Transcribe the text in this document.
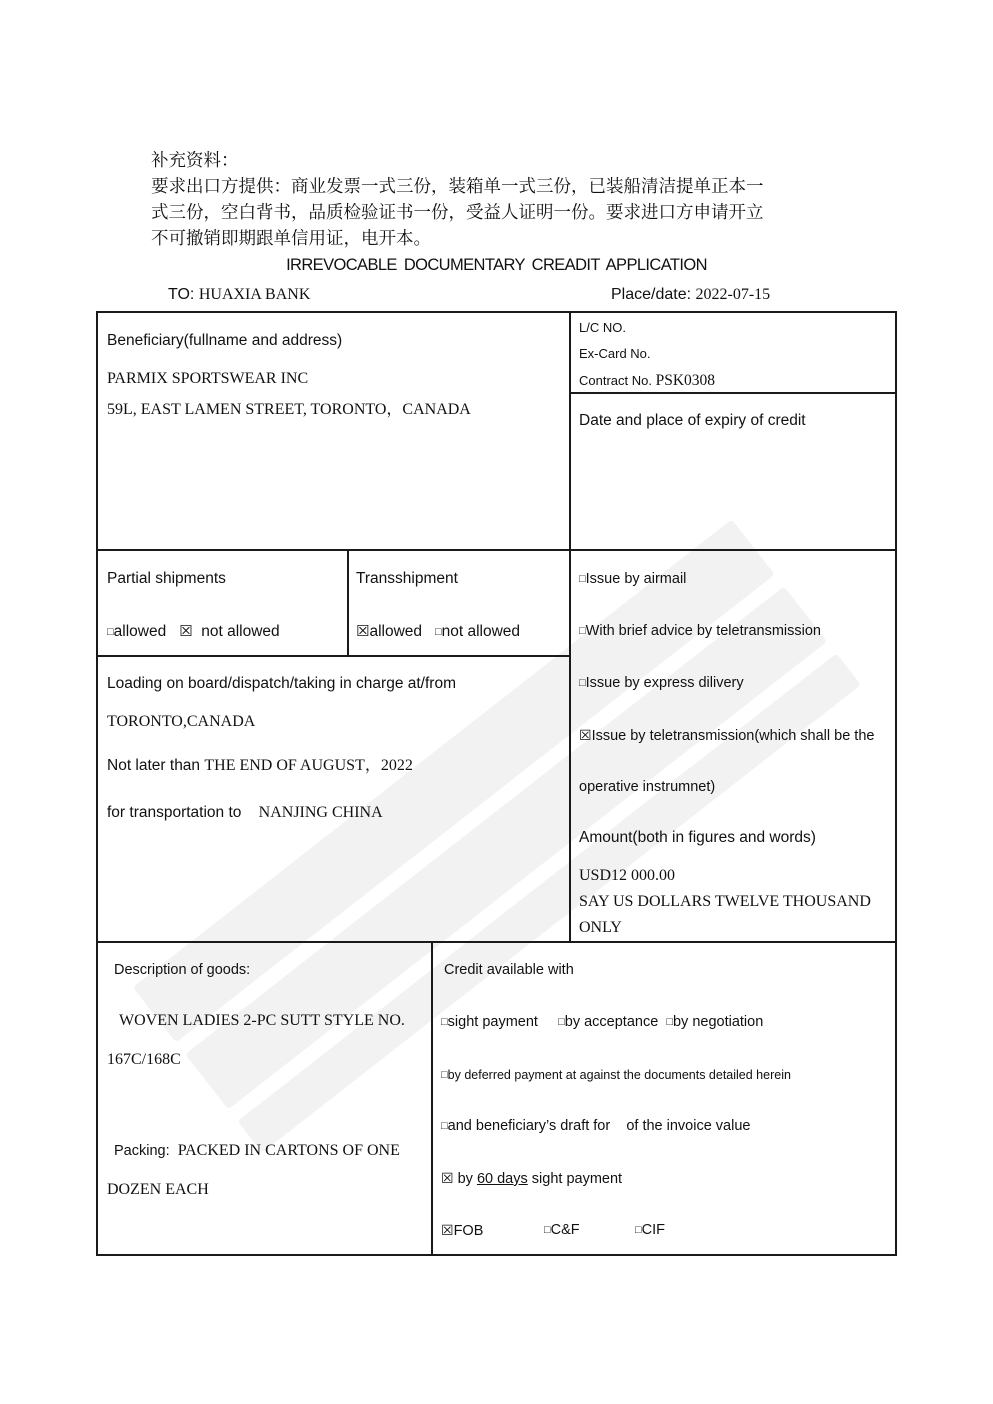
补充资料：
要求出口方提供：商业发票一式三份，装箱单一式三份，已装船清洁提单正本一
式三份，空白背书，品质检验证书一份，受益人证明一份。要求进口方申请开立
不可撤销即期跟单信用证，电开本。
IRREVOCABLE DOCUMENTARY CREADIT APPLICATION
TO: HUAXIA BANK	Place/date: 2022-07-15
Beneficiary(fullname and address)
PARMIX SPORTSWEAR INC
59L, EAST LAMEN STREET, TORONTO，CANADA
L/C NO.
Ex-Card No.
Contract No. PSK0308
Date and place of expiry of credit
Partial shipments
□allowed ☒ not allowed
Transshipment
☒allowed □not allowed
□Issue by airmail
□With brief advice by teletransmission
□Issue by express dilivery
☒Issue by teletransmission(which shall be the
operative instrumnet)
Loading on board/dispatch/taking in charge at/from
TORONTO,CANADA
Not later than THE END OF AUGUST，2022
for transportation to NANJING CHINA
Amount(both in figures and words)
USD12 000.00
SAY US DOLLARS TWELVE THOUSAND
ONLY
Description of goods:
WOVEN LADIES 2-PC SUTT STYLE NO.
167C/168C
Packing: PACKED IN CARTONS OF ONE
DOZEN EACH
Credit available with
□sight payment □by acceptance □by negotiation
□by deferred payment at against the documents detailed herein
□and beneficiary’s draft for of the invoice value
☒ by 60 days sight payment
☒FOB	□C&F	□CIF
